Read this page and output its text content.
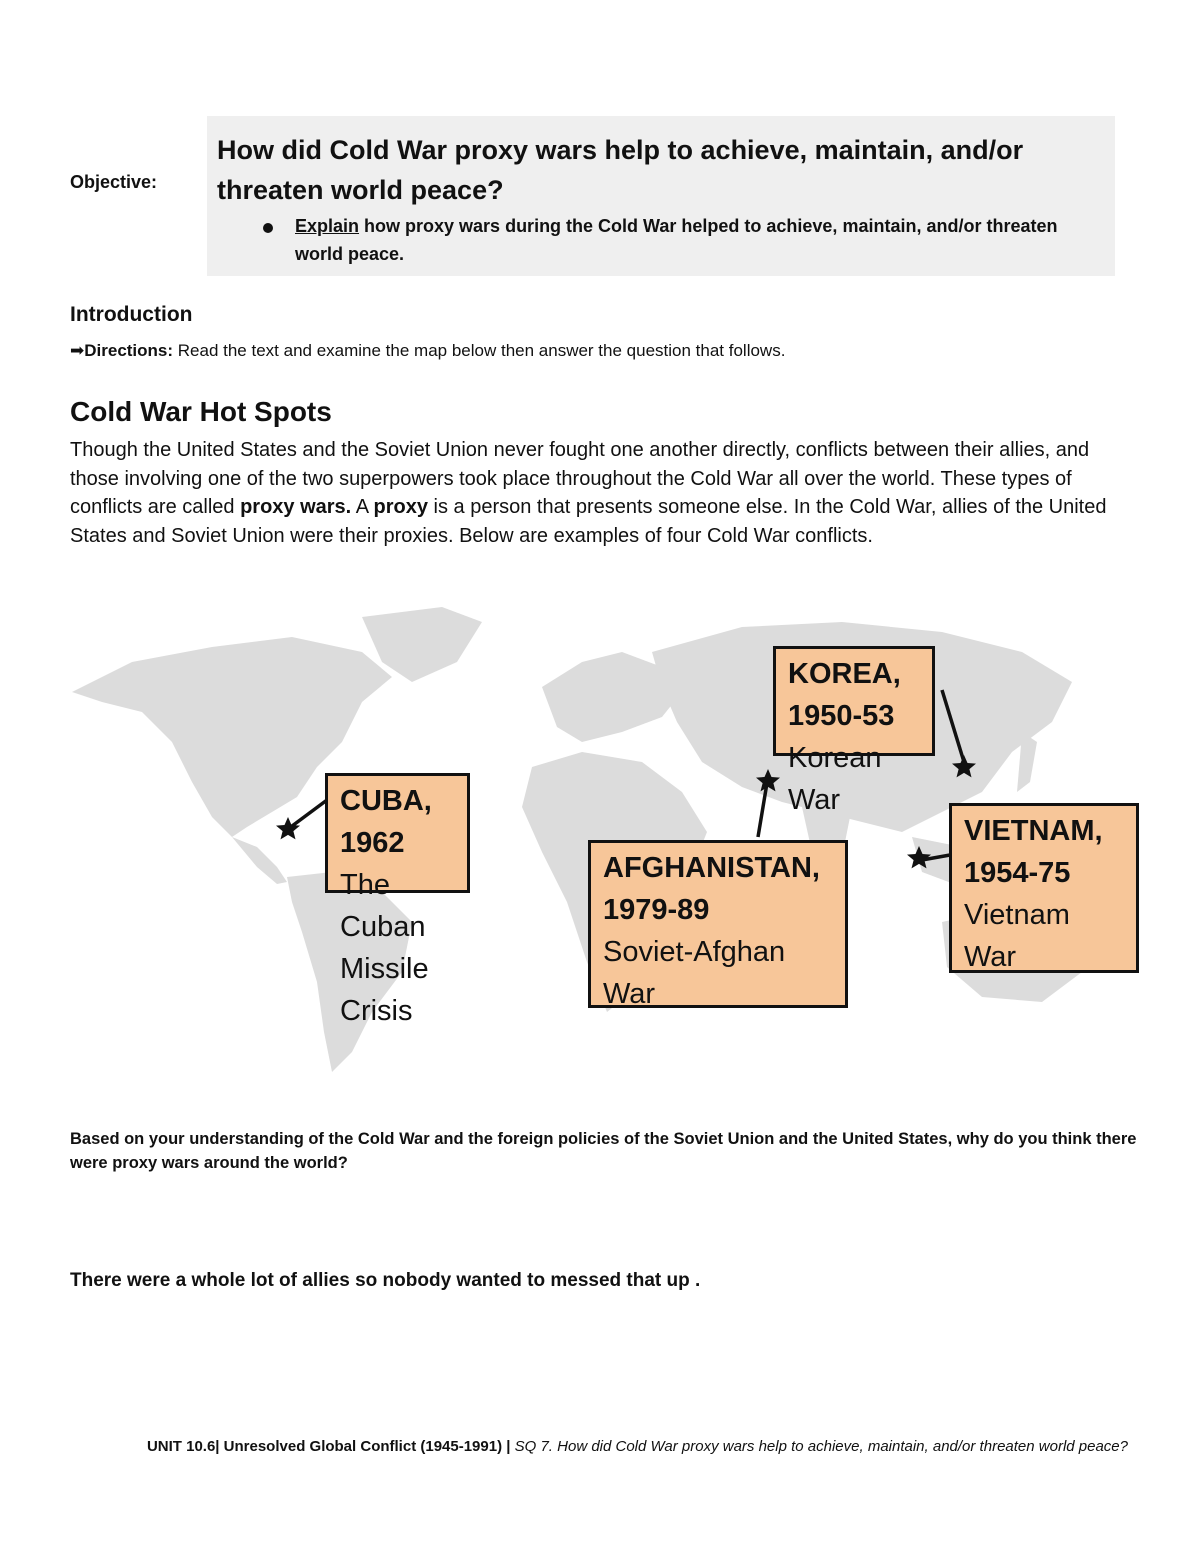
Objective:
How did Cold War proxy wars help to achieve, maintain, and/or threaten world peace?
Explain how proxy wars during the Cold War helped to achieve, maintain, and/or threaten world peace.
Introduction
➡Directions: Read the text and examine the map below then answer the question that follows.
Cold War Hot Spots
Though the United States and the Soviet Union never fought one another directly, conflicts between their allies, and those involving one of the two superpowers took place throughout the Cold War all over the world. These types of conflicts are called proxy wars. A proxy is a person that presents someone else. In the Cold War, allies of the United States and Soviet Union were their proxies. Below are examples of four Cold War conflicts.
CUBA, 1962
The Cuban Missile Crisis
KOREA, 1950-53
Korean War
AFGHANISTAN, 1979-89
Soviet-Afghan War
VIETNAM, 1954-75
Vietnam War
Based on your understanding of the Cold War and the foreign policies of the Soviet Union and the United States, why do you think there were proxy wars around the world?
There were a whole lot of allies so nobody wanted to messed that up .
UNIT 10.6| Unresolved Global Conflict (1945-1991) | SQ 7. How did Cold War proxy wars help to achieve, maintain, and/or threaten world peace?
